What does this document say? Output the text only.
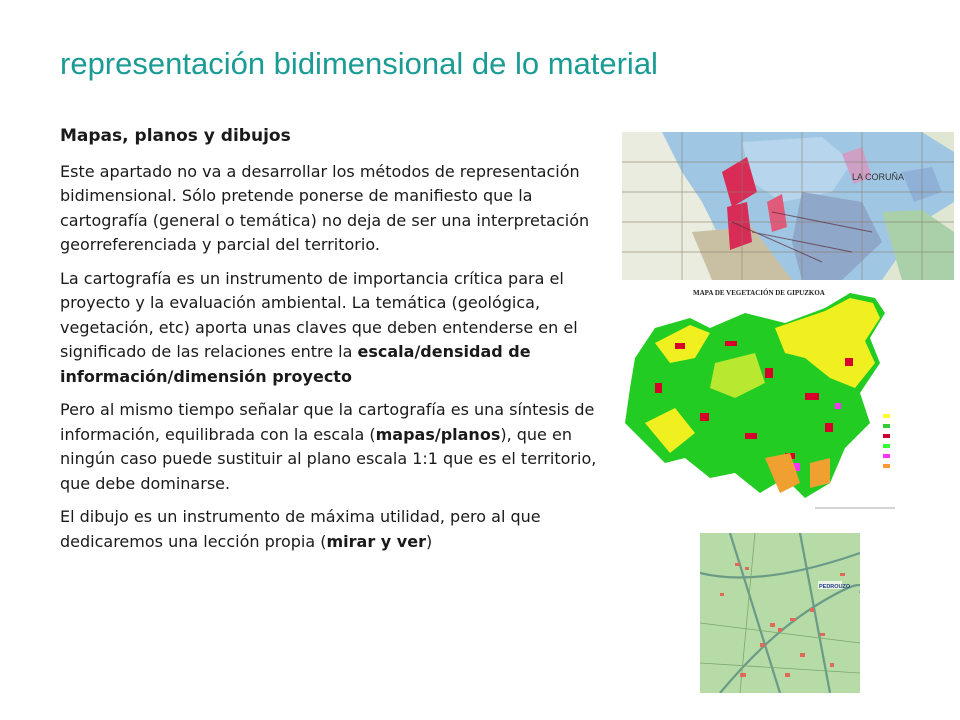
representación bidimensional de lo material

Mapas, planos y dibujos

Este apartado no va a desarrollar los métodos de representación bidimensional. Sólo pretende ponerse de manifiesto que la cartografía (general o temática) no deja de ser una interpretación georreferenciada y parcial del territorio.

La cartografía es un instrumento de importancia crítica para el proyecto y la evaluación ambiental. La temática (geológica, vegetación, etc) aporta unas claves que deben entenderse en el significado de las relaciones entre la escala/densidad de información/dimensión proyecto

Pero al mismo tiempo señalar que la cartografía es una síntesis de información, equilibrada con la escala (mapas/planos), que en ningún caso puede sustituir al plano escala 1:1 que es el territorio, que debe dominarse.

El dibujo es un instrumento de máxima utilidad, pero al que dedicaremos una lección propia (mirar y ver)

LA CORUÑA
MAPA DE VEGETACIÓN DE GIPUZKOA
PEDROUZO
